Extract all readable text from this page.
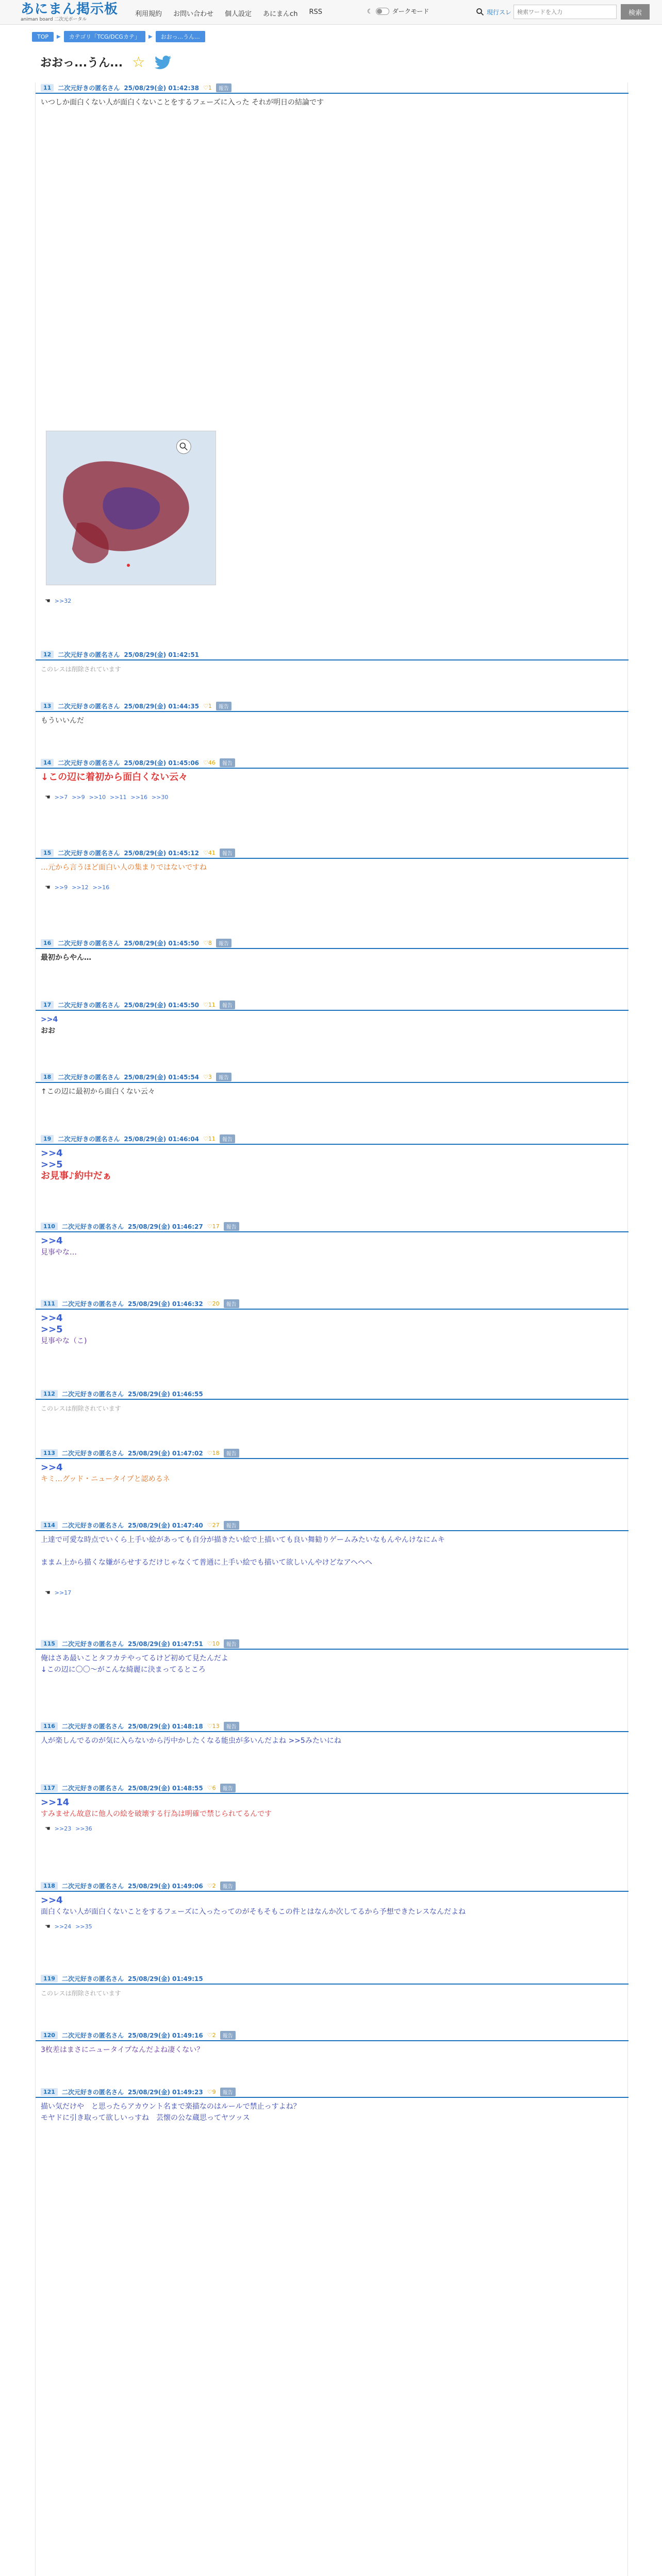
あにまん掲示板
animan board 二次元ポータル
利用規約 お問い合わせ 個人設定 あにまんch RSS	☾	ダークモード	現行スレ
検索ワードを入力	検索
TOP	▶	カテゴリ「TCG/DCGカテ」	▶	おおっ...うん...
おおっ...うん... ☆
11	二次元好きの匿名さん 25/08/29(金) 01:42:38 ♡1	報告
いつしか面白くない人が面白くないことをするフェーズに入った それが明日の結論です
☚ >>32
12	二次元好きの匿名さん 25/08/29(金) 01:42:51
このレスは削除されています
13	二次元好きの匿名さん 25/08/29(金) 01:44:35 ♡1	報告
もういいんだ
14	二次元好きの匿名さん 25/08/29(金) 01:45:06 ♡46	報告
↓この辺に着初から面白くない云々
☚ >>7 >>9 >>10 >>11 >>16 >>30
15	二次元好きの匿名さん 25/08/29(金) 01:45:12 ♡41	報告
…元から言うほど面白い人の集まりではないですね
☚ >>9 >>12 >>16
16	二次元好きの匿名さん 25/08/29(金) 01:45:50 ♡8	報告
最初からやん…
17	二次元好きの匿名さん 25/08/29(金) 01:45:50 ♡11	報告
>>4
おお
18	二次元好きの匿名さん 25/08/29(金) 01:45:54 ♡3	報告
↑この辺に最初から面白くない云々
19	二次元好きの匿名さん 25/08/29(金) 01:46:04 ♡11	報告
>>4
>>5
お見事♪約中だぁ
110	二次元好きの匿名さん 25/08/29(金) 01:46:27 ♡17	報告
>>4
見事やな…
111	二次元好きの匿名さん 25/08/29(金) 01:46:32 ♡20	報告
>>4
>>5
見事やな（こ)
112	二次元好きの匿名さん 25/08/29(金) 01:46:55
このレスは削除されています
113	二次元好きの匿名さん 25/08/29(金) 01:47:02 ♡18	報告
>>4
キミ…グッド・ニュータイプと認めるネ
114	二次元好きの匿名さん 25/08/29(金) 01:47:40 ♡27	報告
上達で可愛な時点でいくら上手い絵があっても自分が描きたい絵で上描いても良い舞勧りゲームみたいなもんやんけなにムキ
ままム上から描くな嫌がらせするだけじゃなくて普通に上手い絵でも描いて欲しいんやけどなアヘヘヘ
☚ >>17
115	二次元好きの匿名さん 25/08/29(金) 01:47:51 ♡10	報告
俺はさあ最いことタフカテやってるけど初めて見たんだよ
↓この辺に〇〇〜がこんな綺麗に決まってるところ
116	二次元好きの匿名さん 25/08/29(金) 01:48:18 ♡13	報告
人が楽しんでるのが気に入らないから汚中かしたくなる能虫が多いんだよね >>5みたいにね
117	二次元好きの匿名さん 25/08/29(金) 01:48:55 ♡6	報告
>>14
すみません故意に他人の絵を破壊する行為は明確で禁じられてるんです
☚ >>23 >>36
118	二次元好きの匿名さん 25/08/29(金) 01:49:06 ♡2	報告
>>4
面白くない人が面白くないことをするフェーズに入ったってのがそもそもこの件とはなんか次してるから予想できたレスなんだよね
☚ >>24 >>35
119	二次元好きの匿名さん 25/08/29(金) 01:49:15
このレスは削除されています
120	二次元好きの匿名さん 25/08/29(金) 01:49:16 ♡2	報告
3枚差はまさにニュータイプなんだよね凄くない？
121	二次元好きの匿名さん 25/08/29(金) 01:49:23 ♡9	報告
描い気だけや　と思ったらアカウント名まで楽描なのはルールで禁止っすよね？
モヤドに引き取って欲しいっすね　芸懐の公な蔵思ってヤツッス
